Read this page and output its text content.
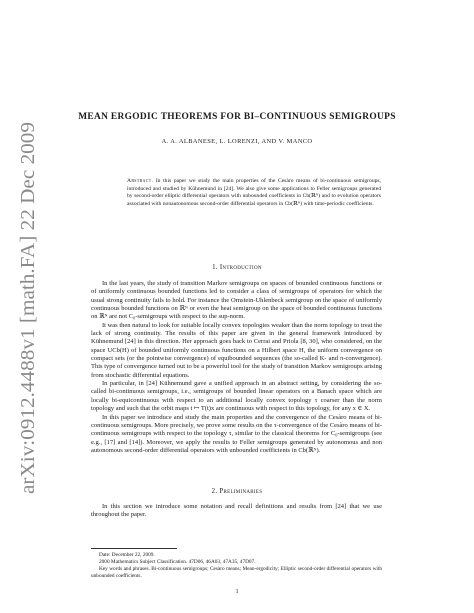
arXiv:0912.4488v1 [math.FA] 22 Dec 2009
MEAN ERGODIC THEOREMS FOR BI–CONTINUOUS SEMIGROUPS
A. A. ALBANESE, L. LORENZI, AND V. MANCO
Abstract. In this paper we study the main properties of the Cesàro means of bi-continuous semigroups, introduced and studied by Kühnemund in [24]. We also give some applications to Feller semigroups generated by second-order elliptic differential operators with unbounded coefficients in Cb(ℝᴺ) and to evolution operators associated with nonautonomous second-order differential operators in Cb(ℝᴺ) with time-periodic coefficients.
1. Introduction

In the last years, the study of transition Markov semigroups on spaces of bounded continuous functions or of uniformly continuous bounded functions led to consider a class of semigroups of operators for which the usual strong continuity fails to hold. For instance the Ornstein-Uhlenbeck semigroup on the space of uniformly continuous bounded functions on ℝᴺ or even the heat semigroup on the space of bounded continuous functions on ℝᴺ are not C₀-semigroups with respect to the sup-norm.

It was then natural to look for suitable locally convex topologies weaker than the norm topology to treat the lack of strong continuity. The results of this paper are given in the general framework introduced by Kühnemund [24] in this direction. Her approach goes back to Cerrai and Priola [8, 30], who considered, on the space UCb(H) of bounded uniformly continuous functions on a Hilbert space H, the uniform convergence on compact sets (or the pointwise convergence) of equibounded sequences (the so-called K- and π-convergence). This type of convergence turned out to be a powerful tool for the study of transition Markov semigroups arising from stochastic differential equations.

In particular, in [24] Kühnemund gave a unified approach in an abstract setting, by considering the so-called bi-continuous semigroups, i.e., semigroups of bounded linear operators on a Banach space which are locally bi-equicontinuous with respect to an additional locally convex topology τ coarser than the norm topology and such that the orbit maps t ↦ T(t)x are continuous with respect to this topology, for any x ∈ X.

In this paper we introduce and study the main properties and the convergence of the Cesàro means of bi-continuous semigroups. More precisely, we prove some results on the τ-convergence of the Cesàro means of bi-continuous semigroups with respect to the topology τ, similar to the classical theorems for C₀-semigroups (see e.g., [17] and [14]). Moreover, we apply the results to Feller semigroups generated by autonomous and non autonomous second-order differential operators with unbounded coefficients in Cb(ℝᴺ).

2. Preliminaries

In this section we introduce some notation and recall definitions and results from [24] that we use throughout the paper.

Date: December 22, 2009.
2000 Mathematics Subject Classification. 47D06, 46A03, 47A35, 47D07.
Key words and phrases. Bi-continuous semigroups; Cesàro means; Mean-ergodicity; Elliptic second-order differential operators with unbounded coefficients.
1
